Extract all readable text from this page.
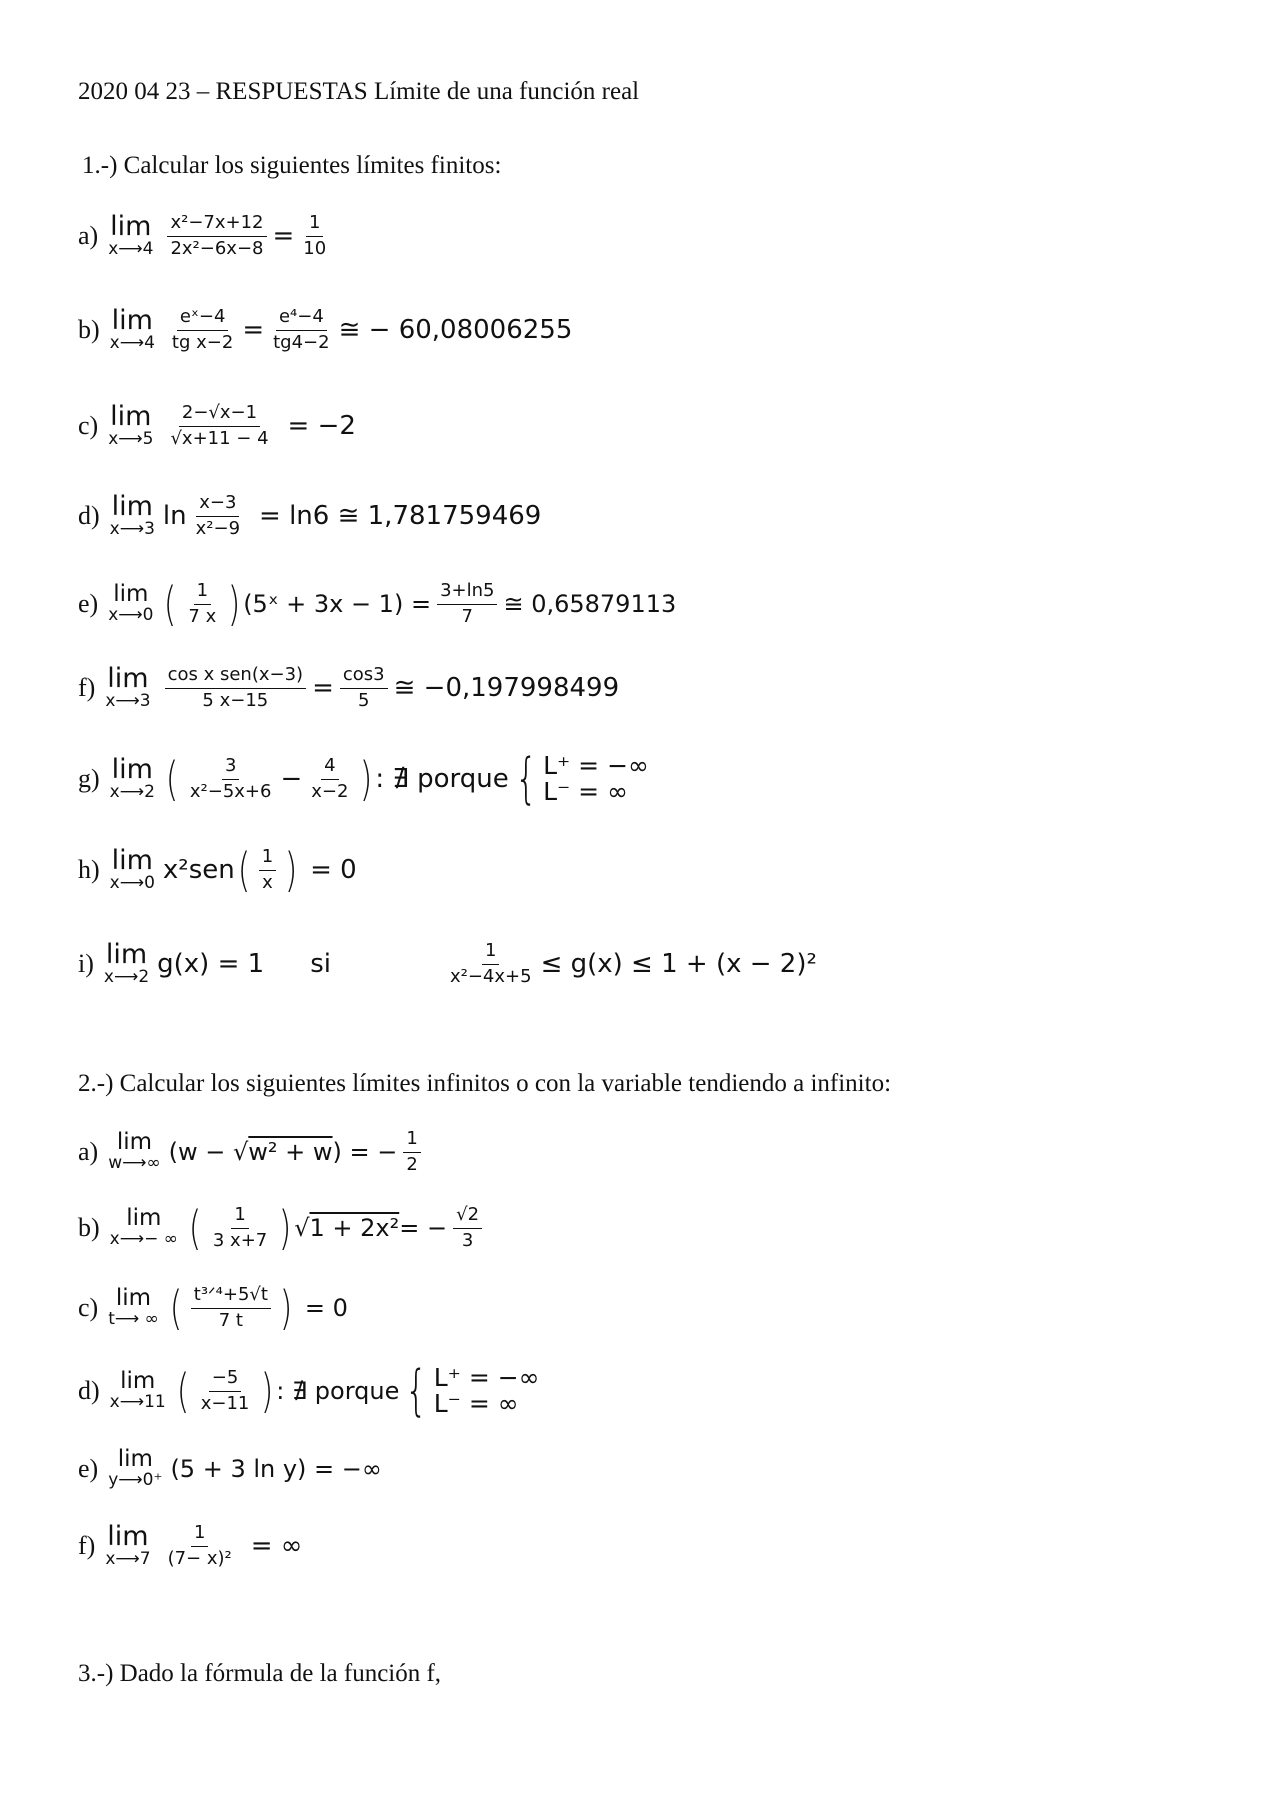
2020 04 23 – RESPUESTAS Límite de una función real
1.-) Calcular los siguientes límites finitos:
a) lim
x⟶4 $\frac{\text{x²−7x+12}}{\text{2x²−6x−8}} = \frac{1}{10}$
b) lim
x⟶4 $\frac{\text{eˣ−4}}{\text{tg x−2}} = \frac{\text{e⁴−4}}{tg4-2}$ ≅ − 60,08006255
c) lim
x⟶5 $\frac{2-√x-1}{√x+11 - 4} = -2$
d) lim
x⟶3 $\ln \frac{x-3}{\text{x²−9}} = \ln 6$ ≅ 1,781759469
e) lim
x⟶0 ( $\frac{1}{7 x}$ ) (5ˣ + $3x - 1) = \frac{3+\ln 5}{7}$ ≅ 0,65879113
f) lim
x⟶3 $\frac{\text{cos x sen(x−3)}}{5 x-15} = \frac{\cos 3}{5}$ ≅ −0,197998499
g) lim
x⟶2 ( $\frac{3}{\text{x²−5x+6}} - \frac{4}{x-2}$ ) : ∄ porque { L⁺ = −∞
L⁻ = ∞
h) lim
x⟶0 x²sen ( $\frac{1}{x}$ ) = 0
i) lim
x⟶2 g(x) = 1 si	$\frac{1}{\text{x²−4x+5}} \le g(x) \le 1 + (x - 2)^2$
2.-) Calcular los siguientes límites infinitos o con la variable tendiendo a infinito:
a) lim
w⟶∞ (w − √ w² + w ) = − $\frac{1}{2}$
b) lim
x⟶− ∞ ( $\frac{1}{3 x+7}$ ) √ 1 + 2x² = − $\frac{√2}{3}$
c) lim
t⟶ ∞ ( $\frac{\text{t³ᐟ⁴+5√t}}{7 t}$ ) = 0
d) lim
x⟶11 ( $\frac{-5}{x-11}$ ) : ∄ porque { L⁺ = −∞
L⁻ = ∞
e) lim
y⟶0⁺ (5 + 3 ln y) = −∞
f) lim
x⟶7 $\frac{1}{\text{(7− x)²}}$ = ∞
3.-) Dado la fórmula de la función f,
